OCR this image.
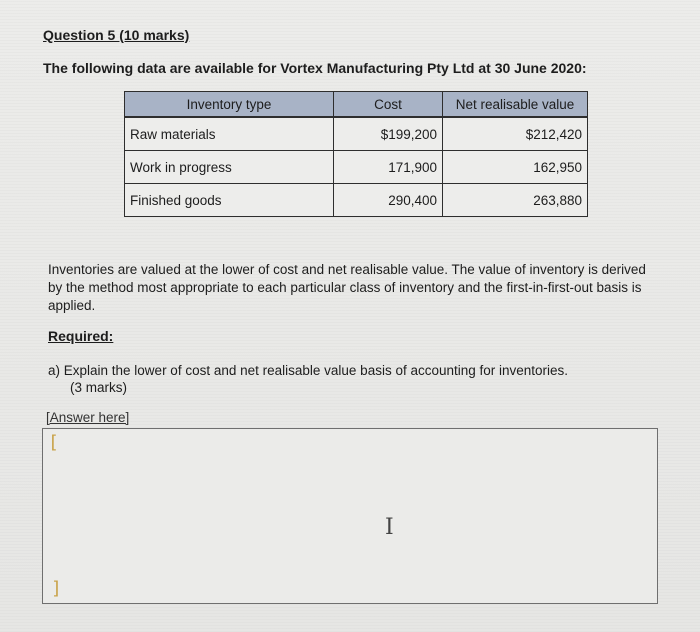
Question 5 (10 marks)
The following data are available for Vortex Manufacturing Pty Ltd at 30 June 2020:
Inventory type	Cost	Net realisable value
Raw materials	$199,200	$212,420
Work in progress	171,900	162,950
Finished goods	290,400	263,880
Inventories are valued at the lower of cost and net realisable value. The value of inventory is derived by the method most appropriate to each particular class of inventory and the first-in-first-out basis is applied.
Required:
a) Explain the lower of cost and net realisable value basis of accounting for inventories.
(3 marks)
[Answer here]
[
I
]
